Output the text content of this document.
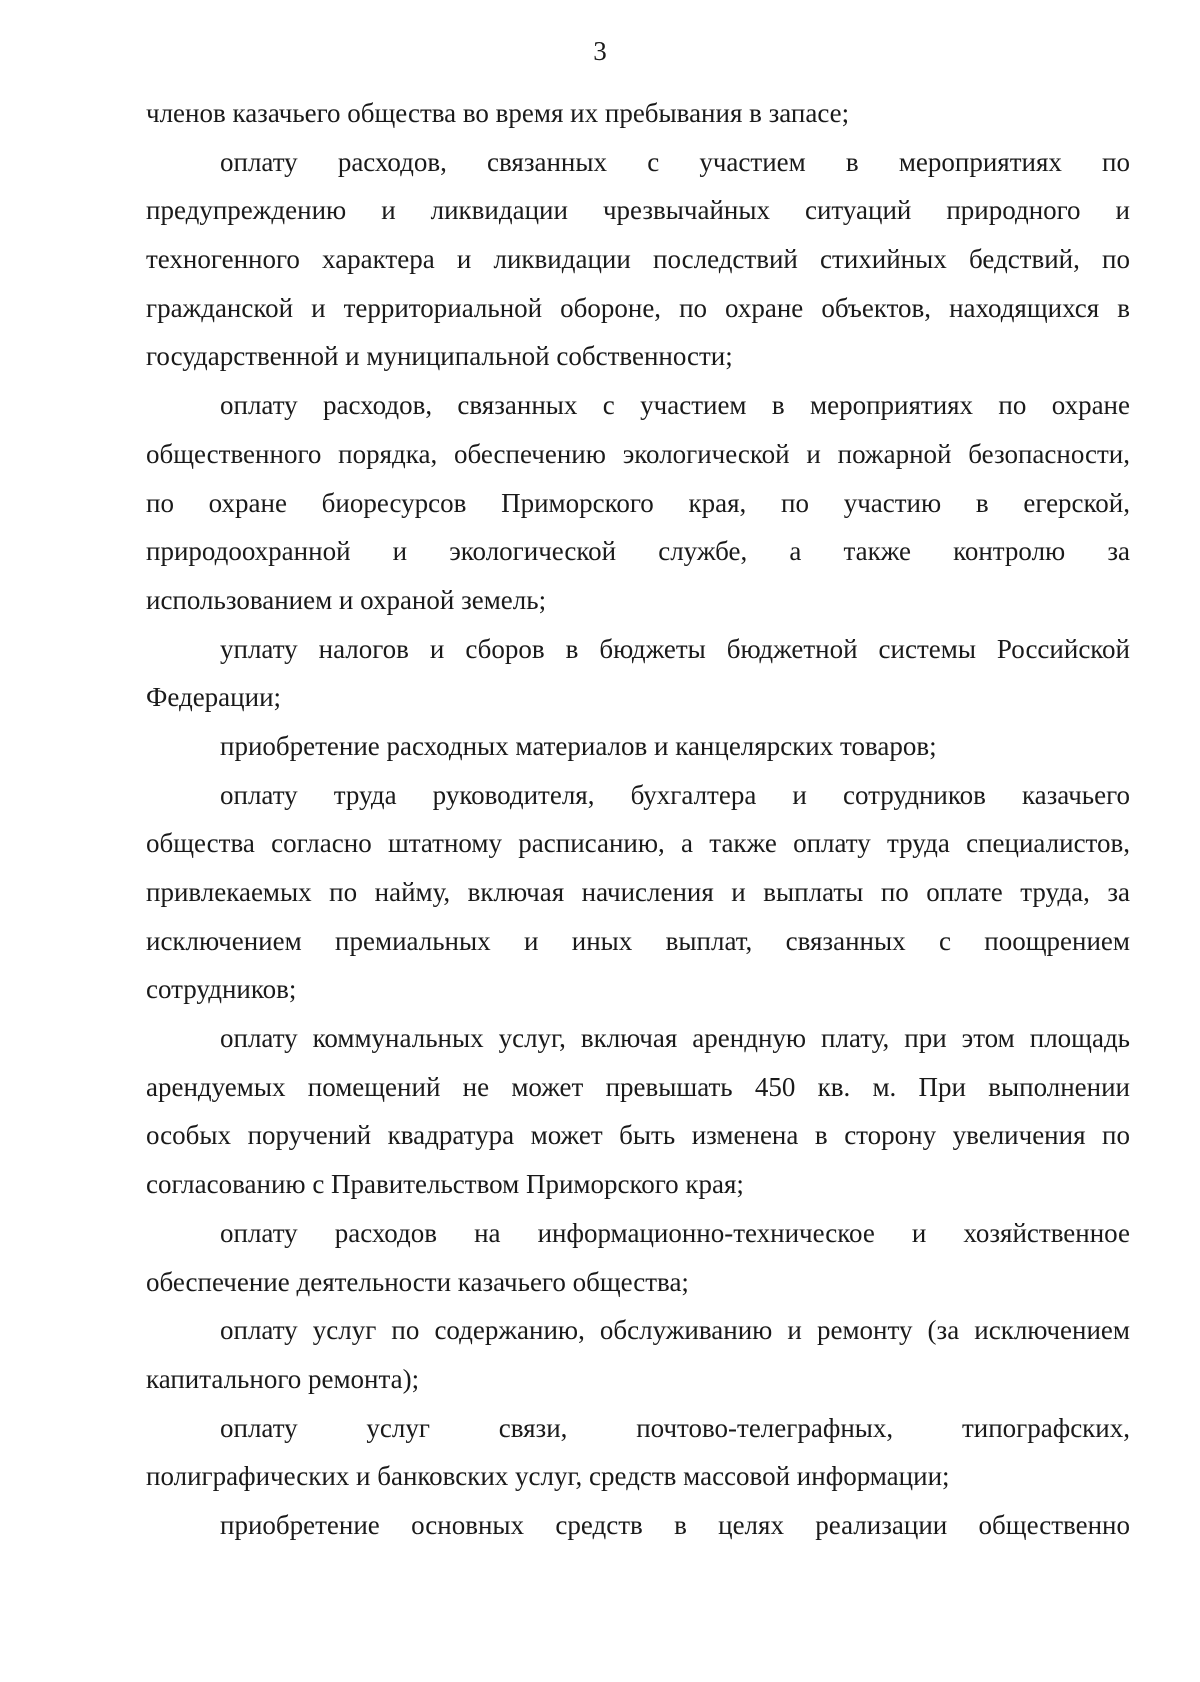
3
членов казачьего общества во время их пребывания в запасе;
оплату расходов, связанных с участием в мероприятиях по
предупреждению и ликвидации чрезвычайных ситуаций природного и
техногенного характера и ликвидации последствий стихийных бедствий, по
гражданской и территориальной обороне, по охране объектов, находящихся в
государственной и муниципальной собственности;
оплату расходов, связанных с участием в мероприятиях по охране
общественного порядка, обеспечению экологической и пожарной безопасности,
по охране биоресурсов Приморского края, по участию в егерской,
природоохранной и экологической службе, а также контролю за
использованием и охраной земель;
уплату налогов и сборов в бюджеты бюджетной системы Российской
Федерации;
приобретение расходных материалов и канцелярских товаров;
оплату труда руководителя, бухгалтера и сотрудников казачьего
общества согласно штатному расписанию, а также оплату труда специалистов,
привлекаемых по найму, включая начисления и выплаты по оплате труда, за
исключением премиальных и иных выплат, связанных с поощрением
сотрудников;
оплату коммунальных услуг, включая арендную плату, при этом площадь
арендуемых помещений не может превышать 450 кв. м. При выполнении
особых поручений квадратура может быть изменена в сторону увеличения по
согласованию с Правительством Приморского края;
оплату расходов на информационно-техническое и хозяйственное
обеспечение деятельности казачьего общества;
оплату услуг по содержанию, обслуживанию и ремонту (за исключением
капитального ремонта);
оплату услуг связи, почтово-телеграфных, типографских,
полиграфических и банковских услуг, средств массовой информации;
приобретение основных средств в целях реализации общественно
